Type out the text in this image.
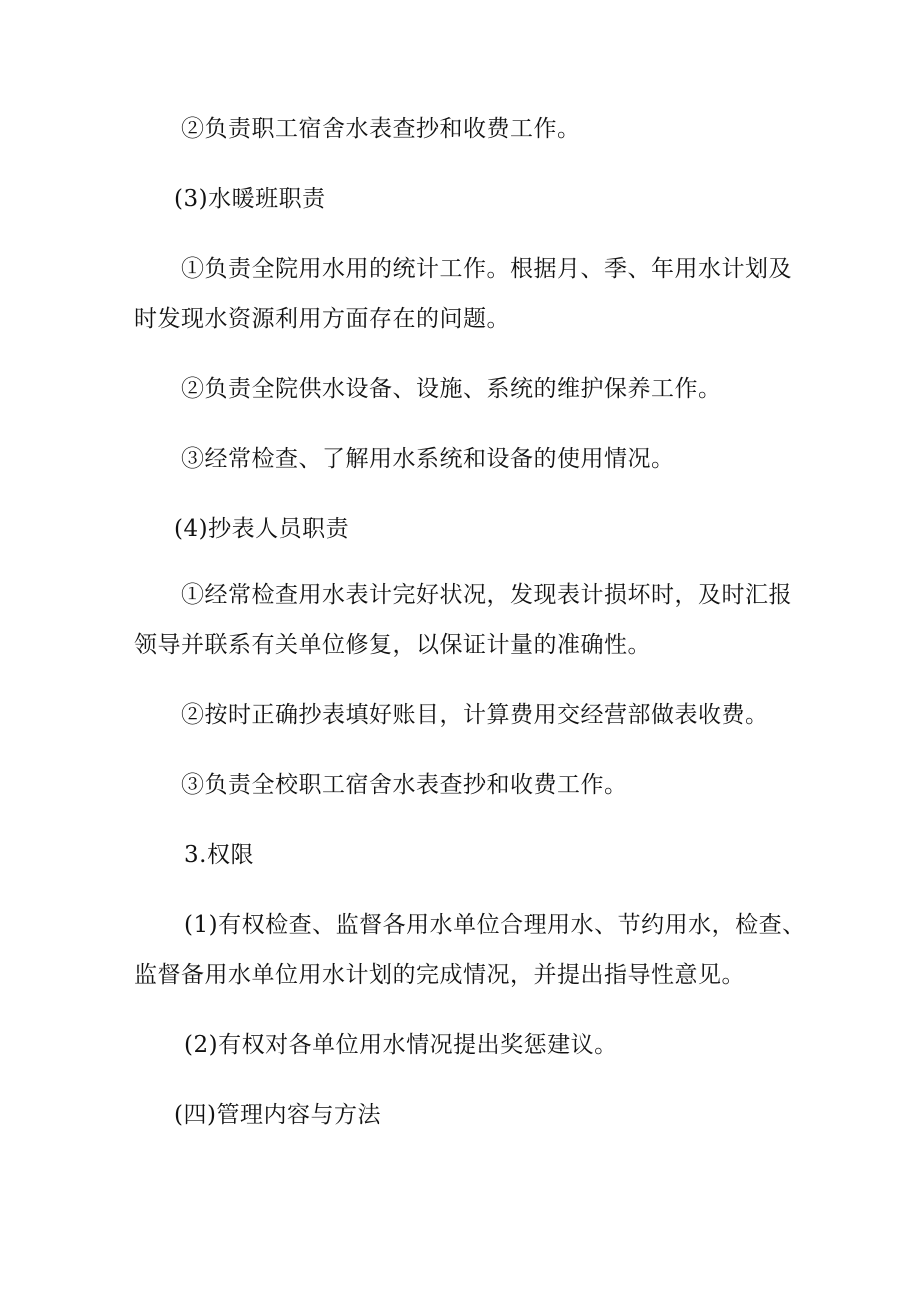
②负责职工宿舍水表查抄和收费工作。
(3)水暖班职责
①负责全院用水用的统计工作。根据月、季、年用水计划及
时发现水资源利用方面存在的问题。
②负责全院供水设备、设施、系统的维护保养工作。
③经常检查、了解用水系统和设备的使用情况。
(4)抄表人员职责
①经常检查用水表计完好状况，发现表计损坏时，及时汇报
领导并联系有关单位修复，以保证计量的准确性。
②按时正确抄表填好账目，计算费用交经营部做表收费。
③负责全校职工宿舍水表查抄和收费工作。
3.权限
(1)有权检查、监督各用水单位合理用水、节约用水，检查、
监督备用水单位用水计划的完成情况，并提出指导性意见。
(2)有权对各单位用水情况提出奖惩建议。
(四)管理内容与方法
